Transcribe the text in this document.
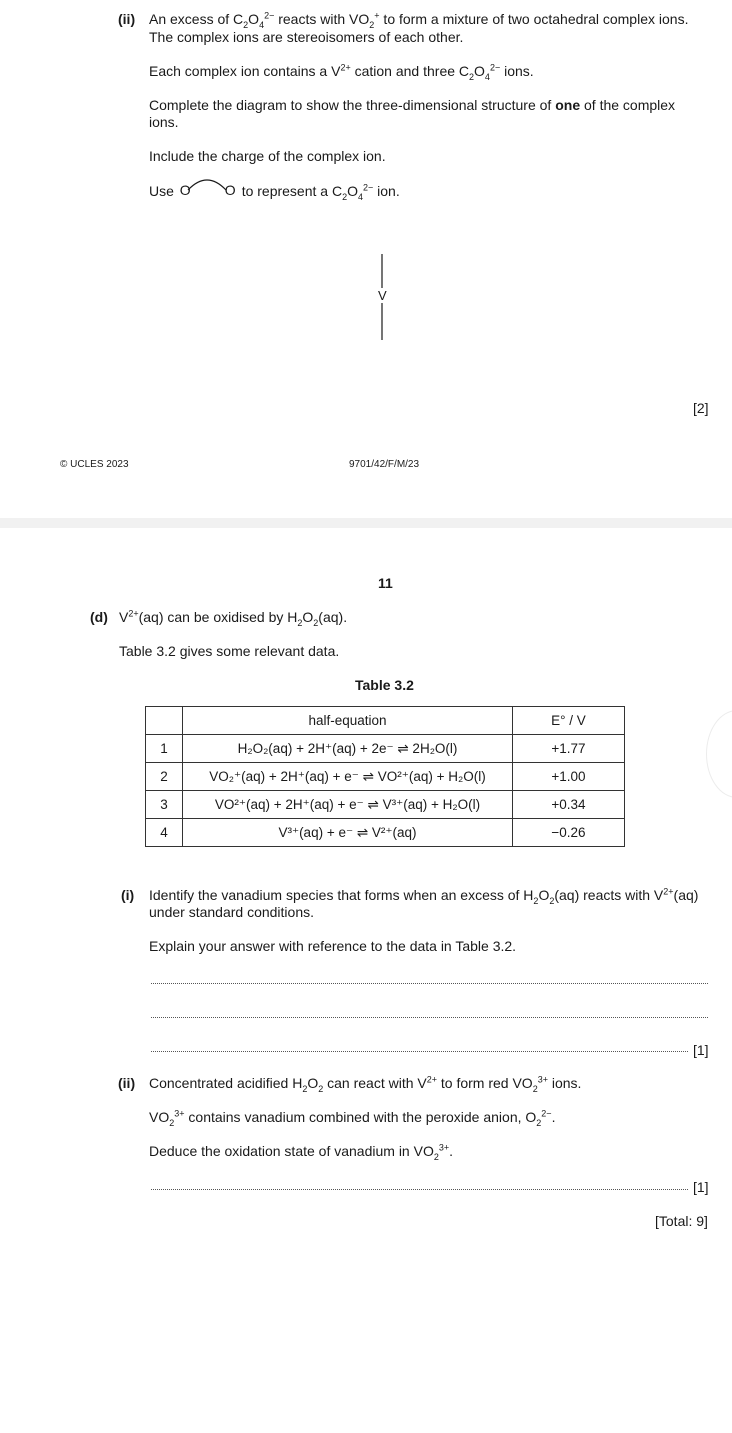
(ii) An excess of $C_2O_4^{2-}$ reacts with $VO_2^+$ to form a mixture of two octahedral complex ions.
The complex ions are stereoisomers of each other.
Each complex ion contains a $V^{2+}$ cation and three $C_2O_4^{2-}$ ions.
Complete the diagram to show the three-dimensional structure of one of the complex
ions.
Include the charge of the complex ion.
Use O O to represent a $C_2O_4^{2-}$ ion.
V
[2]
© UCLES 2023	9701/42/F/M/23
11
(d) $V^{2+}(aq)$ can be oxidised by $H_2O_2(aq)$.
Table 3.2 gives some relevant data.
Table 3.2
	half-equation	E° / V
1	H₂O₂(aq) + 2H⁺(aq) + 2e⁻ ⇌ 2H₂O(l)	+1.77
2	VO₂⁺(aq) + 2H⁺(aq) + e⁻ ⇌ VO²⁺(aq) + H₂O(l)	+1.00
3	VO²⁺(aq) + 2H⁺(aq) + e⁻ ⇌ V³⁺(aq) + H₂O(l)	+0.34
4	V³⁺(aq) + e⁻ ⇌ V²⁺(aq)	−0.26
(i) Identify the vanadium species that forms when an excess of $H_2O_2(aq)$ reacts with $V^{2+}(aq)$
under standard conditions.
Explain your answer with reference to the data in Table 3.2.
[1]
(ii) Concentrated acidified $H_2O_2$ can react with $V^{2+}$ to form red $VO_2^{3+}$ ions.
$VO_2^{3+}$ contains vanadium combined with the peroxide anion, $O_2^{2-}$.
Deduce the oxidation state of vanadium in $VO_2^{3+}$.
[1]
[Total: 9]
